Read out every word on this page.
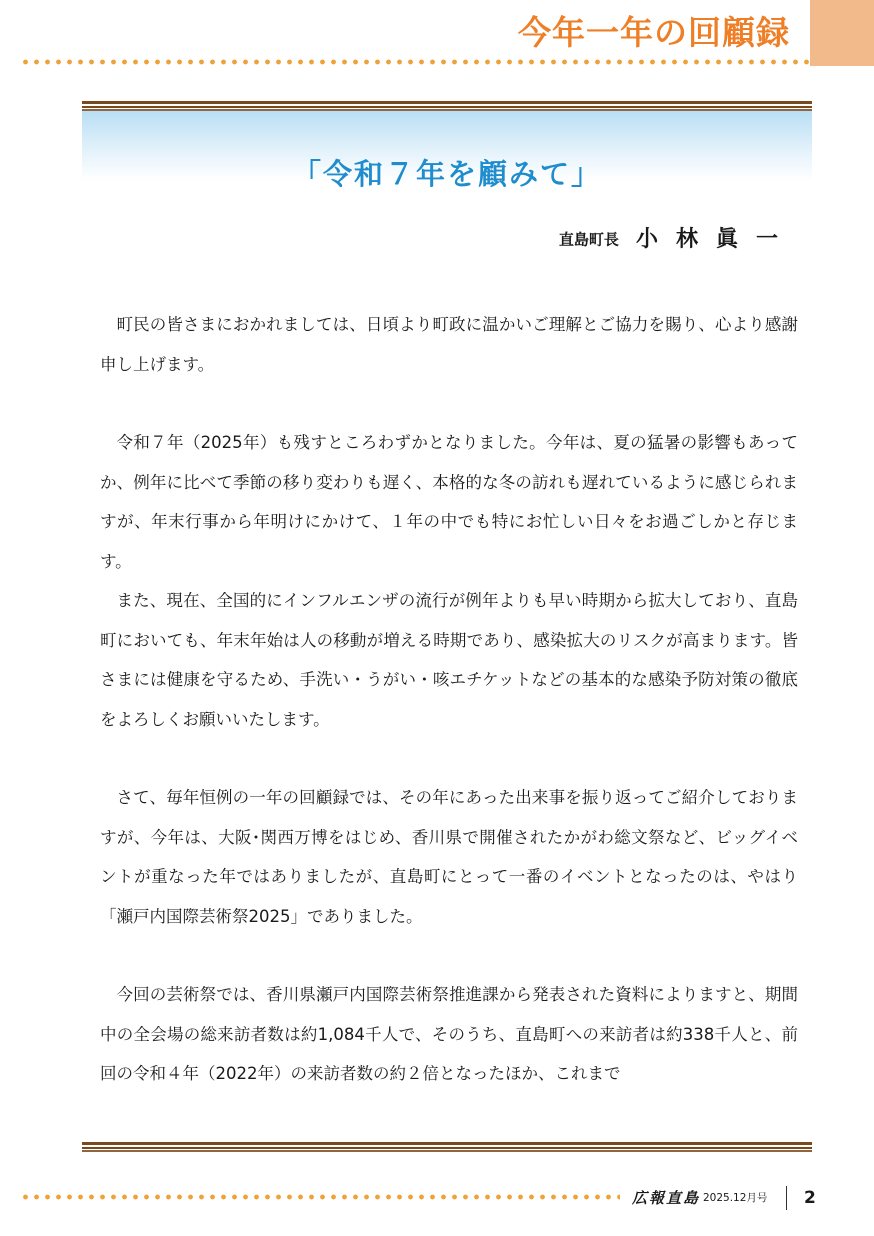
今年一年の回顧録
「令和７年を顧みて」
直島町長 小林眞一

町民の皆さまにおかれましては、日頃より町政に温かいご理解とご協力を賜り、心より感謝申し上げます。

令和７年（2025年）も残すところわずかとなりました。今年は、夏の猛暑の影響もあってか、例年に比べて季節の移り変わりも遅く、本格的な冬の訪れも遅れているように感じられますが、年末行事から年明けにかけて、１年の中でも特にお忙しい日々をお過ごしかと存じます。

また、現在、全国的にインフルエンザの流行が例年よりも早い時期から拡大しており、直島町においても、年末年始は人の移動が増える時期であり、感染拡大のリスクが高まります。皆さまには健康を守るため、手洗い・うがい・咳エチケットなどの基本的な感染予防対策の徹底をよろしくお願いいたします。

さて、毎年恒例の一年の回顧録では、その年にあった出来事を振り返ってご紹介しておりますが、今年は、大阪･関西万博をはじめ、香川県で開催されたかがわ総文祭など、ビッグイベントが重なった年ではありましたが、直島町にとって一番のイベントとなったのは、やはり「瀬戸内国際芸術祭2025」でありました。

今回の芸術祭では、香川県瀬戸内国際芸術祭推進課から発表された資料によりますと、期間中の全会場の総来訪者数は約1,084千人で、そのうち、直島町への来訪者は約338千人と、前回の令和４年（2022年）の来訪者数の約２倍となったほか、これまで

広報直島 2025.12月号 2
